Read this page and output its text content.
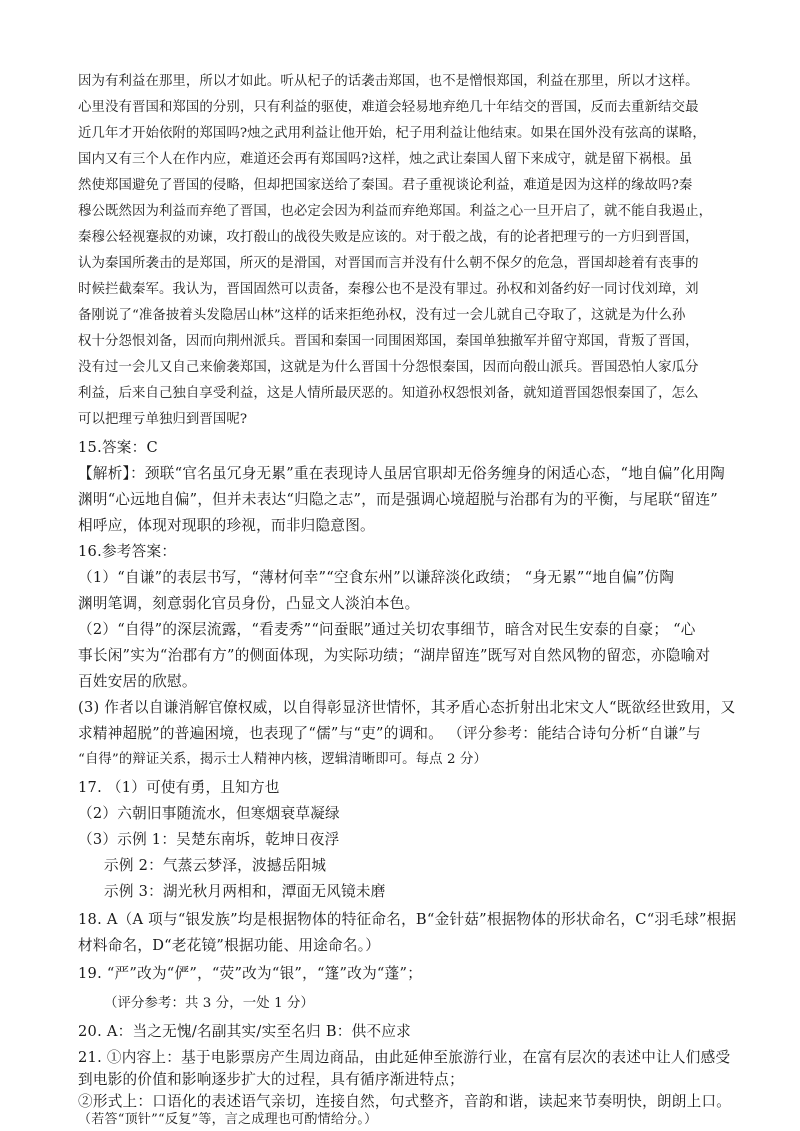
因为有利益在那里，所以才如此。听从杞子的话袭击郑国，也不是憎恨郑国，利益在那里，所以才这样。
心里没有晋国和郑国的分别，只有利益的驱使，难道会轻易地弃绝几十年结交的晋国，反而去重新结交最
近几年才开始依附的郑国吗?烛之武用利益让他开始，杞子用利益让他结束。如果在国外没有弦高的谋略，
国内又有三个人在作内应，难道还会再有郑国吗?这样，烛之武让秦国人留下来成守，就是留下祸根。虽
然使郑国避免了晋国的侵略，但却把国家送给了秦国。君子重视谈论利益，难道是因为这样的缘故吗?秦
穆公既然因为利益而弃绝了晋国，也必定会因为利益而弃绝郑国。利益之心一旦开启了，就不能自我遏止，
秦穆公轻视蹇叔的劝谏，攻打殽山的战役失败是应该的。对于殽之战，有的论者把理亏的一方归到晋国，
认为秦国所袭击的是郑国，所灭的是滑国，对晋国而言并没有什么朝不保夕的危急，晋国却趁着有丧事的
时候拦截秦军。我认为，晋国固然可以责备，秦穆公也不是没有罪过。孙权和刘备约好一同讨伐刘璋，刘
备刚说了“准备披着头发隐居山林”这样的话来拒绝孙权，没有过一会儿就自己夺取了，这就是为什么孙
权十分怨恨刘备，因而向荆州派兵。晋国和秦国一同围困郑国，秦国单独撤军并留守郑国，背叛了晋国，
没有过一会儿又自己来偷袭郑国，这就是为什么晋国十分怨恨秦国，因而向殽山派兵。晋国恐怕人家瓜分
利益，后来自己独自享受利益，这是人情所最厌恶的。知道孙权怨恨刘备，就知道晋国怨恨秦国了，怎么
可以把理亏单独归到晋国呢?
15.答案：C
【解析】：颈联“官名虽冗身无累”重在表现诗人虽居官职却无俗务缠身的闲适心态，“地自偏”化用陶
渊明“心远地自偏”，但并未表达“归隐之志”，而是强调心境超脱与治郡有为的平衡，与尾联“留连”
相呼应，体现对现职的珍视，而非归隐意图。
16.参考答案：
（1）“自谦”的表层书写，“薄材何幸”“空食东州”以谦辞淡化政绩； “身无累”“地自偏”仿陶
渊明笔调，刻意弱化官员身份，凸显文人淡泊本色。
（2）“自得”的深层流露，“看麦秀”“问蚕眠”通过关切农事细节，暗含对民生安泰的自豪； “心
事长闲”实为“治郡有方”的侧面体现，为实际功绩；“湖岸留连”既写对自然风物的留恋，亦隐喻对
百姓安居的欣慰。
(3) 作者以自谦消解官僚权威，以自得彰显济世情怀，其矛盾心态折射出北宋文人“既欲经世致用，又
求精神超脱”的普遍困境，也表现了“儒”与“吏”的调和。 （评分参考：能结合诗句分析“自谦”与
“自得”的辩证关系，揭示士人精神内核，逻辑清晰即可。每点 2 分）
17. （1）可使有勇，且知方也
（2）六朝旧事随流水，但寒烟衰草凝绿
（3）示例 1：吴楚东南坼，乾坤日夜浮
示例 2：气蒸云梦泽，波撼岳阳城
示例 3：湖光秋月两相和，潭面无风镜未磨
18. A（A 项与“银发族”均是根据物体的特征命名，B“金针菇”根据物体的形状命名，C“羽毛球”根据
材料命名，D“老花镜”根据功能、用途命名。）
19. “严”改为“俨”，“荧”改为“银”，“篷”改为“蓬”；
（评分参考：共 3 分，一处 1 分）
20. A：当之无愧/名副其实/实至名归 B：供不应求
21. ①内容上：基于电影票房产生周边商品，由此延伸至旅游行业，在富有层次的表述中让人们感受
到电影的价值和影响逐步扩大的过程，具有循序渐进特点；
②形式上：口语化的表述语气亲切，连接自然，句式整齐，音韵和谐，读起来节奏明快，朗朗上口。
（若答“顶针”“反复”等，言之成理也可酌情给分。）
